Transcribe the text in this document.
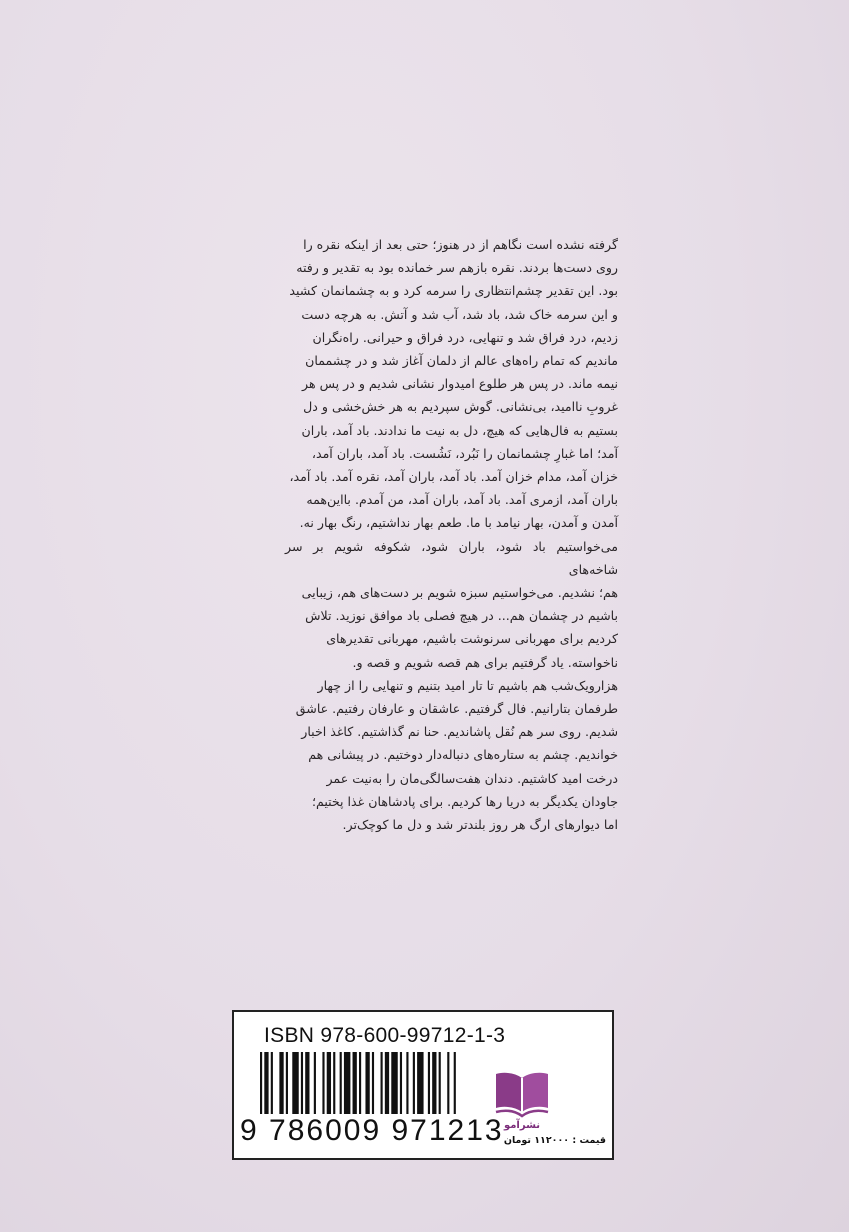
گرفته نشده است نگاهم از در هنوز؛ حتی بعد از اینکه نقره را

روی دست‌ها بردند. نقره بازهم سر خمانده بود به تقدیر و رفته

بود. این تقدیر چشم‌انتظاری را سرمه کرد و به چشمانمان کشید

و این سرمه خاک شد، باد شد، آب شد و آتش. به هرچه دست

زدیم، درد فراق شد و تنهایی، درد فراق و حیرانی. راه‌نگران

ماندیم که تمام راه‌های عالم از دلمان آغاز شد و در چشممان

نیمه ماند. در پس هر طلوع امیدوار نشانی شدیم و در پس هر

غروبِ ناامید، بی‌نشانی. گوش سپردیم به هر خش‌خشی و دل

بستیم به فال‌هایی که هیچ، دل به نیت ما ندادند. باد آمد، باران

آمد؛ اما غبارِ چشمانمان را نَبُرد، نَشُست. باد آمد، باران آمد،

خزان آمد، مدام خزان آمد. باد آمد، باران آمد، نقره آمد. باد آمد،

باران آمد، ازمری آمد. باد آمد، باران آمد، من آمدم. بااین‌همه

آمدن و آمدن، بهار نیامد با ما. طعم بهار نداشتیم، رنگ بهار نه.

می‌خواستیم باد شود، باران شود، شکوفه شویم بر سر شاخه‌های

هم؛ نشدیم. می‌خواستیم سبزه شویم بر دست‌های هم، زیبایی

باشیم در چشمان هم... در هیچ فصلی باد موافق نوزید. تلاش

کردیم برای مهربانی سرنوشت باشیم، مهربانی تقدیرهای

ناخواسته. یاد گرفتیم برای هم قصه شویم و قصه و.

هزارویک‌شب هم باشیم تا تار امید بتنیم و تنهایی را از چهار

طرفمان بتارانیم. فال گرفتیم. عاشقان و عارفان رفتیم. عاشق

شدیم. روی سر هم نُقل پاشاندیم. حنا نم گذاشتیم. کاغذ اخبار

خواندیم. چشم به ستاره‌های دنباله‌دار دوختیم. در پیشانی هم

درخت امید کاشتیم. دندان هفت‌سالگی‌مان را به‌نیت عمر

جاودان یکدیگر به دریا رها کردیم. برای پادشاهان غذا پختیم؛

اما دیوارهای ارگ هر روز بلندتر شد و دل ما کوچک‌تر.

ISBN 978-600-99712-1-3
9 786009 971213 نشرآمو
قیمت : ۱۱۲۰۰۰ تومان
